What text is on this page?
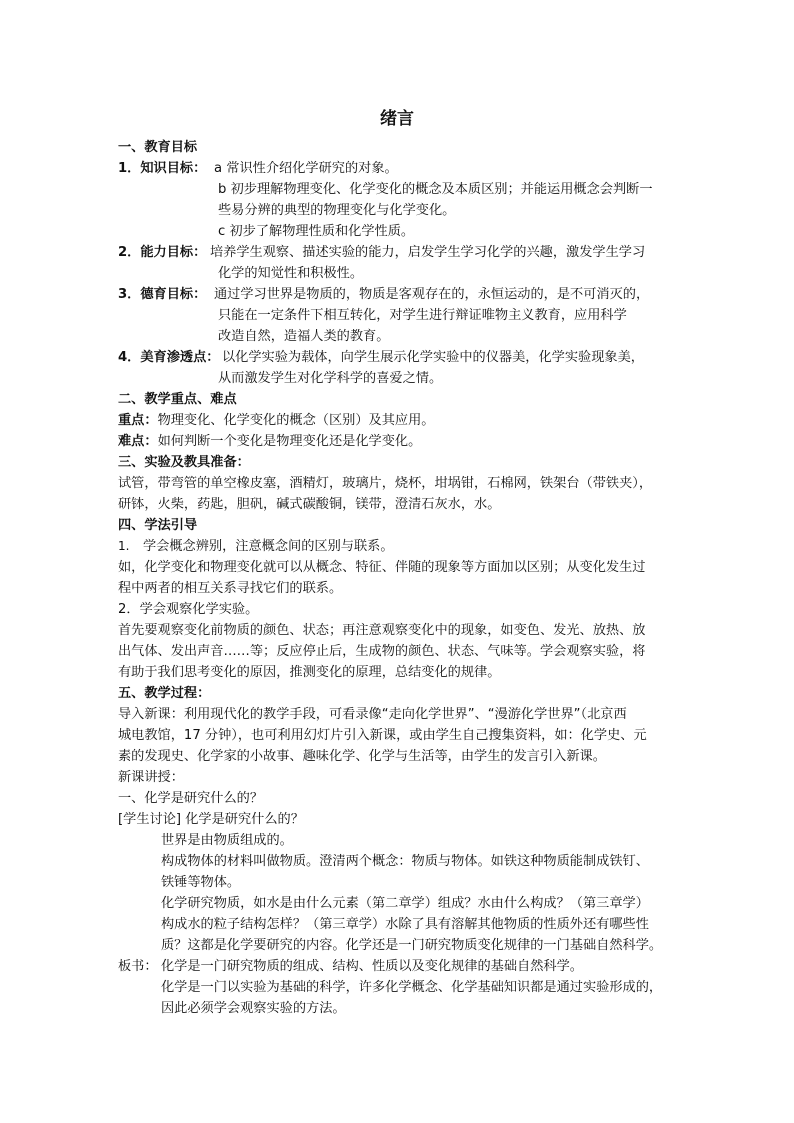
绪言
一、教育目标
1．知识目标： a 常识性介绍化学研究的对象。
b 初步理解物理变化、化学变化的概念及本质区别；并能运用概念会判断一
些易分辨的典型的物理变化与化学变化。
c 初步了解物理性质和化学性质。
2．能力目标： 培养学生观察、描述实验的能力，启发学生学习化学的兴趣，激发学生学习
化学的知觉性和积极性。
3．德育目标： 通过学习世界是物质的，物质是客观存在的，永恒运动的，是不可消灭的，
只能在一定条件下相互转化，对学生进行辩证唯物主义教育，应用科学
改造自然，造福人类的教育。
4．美育渗透点： 以化学实验为载体，向学生展示化学实验中的仪器美，化学实验现象美，
从而激发学生对化学科学的喜爱之情。
二、教学重点、难点
重点：物理变化、化学变化的概念（区别）及其应用。
难点：如何判断一个变化是物理变化还是化学变化。
三、实验及教具准备：
试管，带弯管的单空橡皮塞，酒精灯，玻璃片，烧杯，坩埚钳，石棉网，铁架台（带铁夹），
研钵，火柴，药匙，胆矾，碱式碳酸铜，镁带，澄清石灰水，水。
四、学法引导
1. 学会概念辨别，注意概念间的区别与联系。
如，化学变化和物理变化就可以从概念、特征、伴随的现象等方面加以区别；从变化发生过
程中两者的相互关系寻找它们的联系。
2．学会观察化学实验。
首先要观察变化前物质的颜色、状态；再注意观察变化中的现象，如变色、发光、放热、放
出气体、发出声音……等；反应停止后，生成物的颜色、状态、气味等。学会观察实验，将
有助于我们思考变化的原因，推测变化的原理，总结变化的规律。
五、教学过程：
导入新课：利用现代化的教学手段，可看录像“走向化学世界”、“漫游化学世界”（北京西
城电教馆，17 分钟），也可利用幻灯片引入新课，或由学生自己搜集资料，如：化学史、元
素的发现史、化学家的小故事、趣味化学、化学与生活等，由学生的发言引入新课。
新课讲授：
一、化学是研究什么的？
[学生讨论] 化学是研究什么的？
世界是由物质组成的。
构成物体的材料叫做物质。澄清两个概念：物质与物体。如铁这种物质能制成铁钉、
铁锤等物体。
化学研究物质，如水是由什么元素（第二章学）组成？水由什么构成？（第三章学）
构成水的粒子结构怎样？（第三章学）水除了具有溶解其他物质的性质外还有哪些性
质？这都是化学要研究的内容。化学还是一门研究物质变化规律的一门基础自然科学。
板书： 化学是一门研究物质的组成、结构、性质以及变化规律的基础自然科学。
化学是一门以实验为基础的科学，许多化学概念、化学基础知识都是通过实验形成的，
因此必须学会观察实验的方法。
